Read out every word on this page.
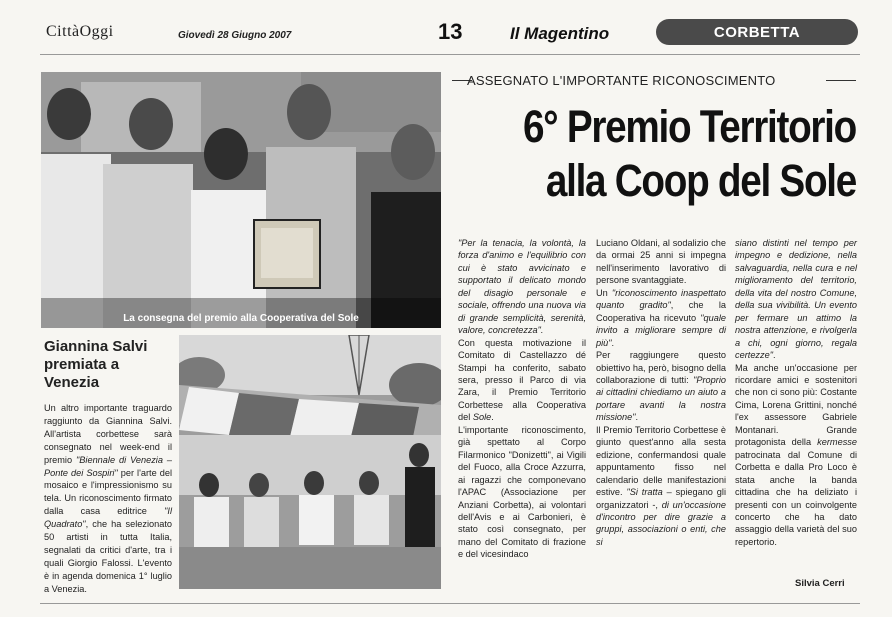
CittàOggi	Giovedì 28 Giugno 2007	13	Il Magentino	CORBETTA
La consegna del premio alla Cooperativa del Sole
Giannina Salvi premiata a Venezia
Un altro importante traguardo raggiunto da Giannina Salvi. All'artista corbettese sarà consegnato nel week-end il premio "Biennale di Venezia – Ponte dei Sospiri" per l'arte del mosaico e l'impressionismo su tela. Un riconoscimento firmato dalla casa editrice "Il Quadrato", che ha selezionato 50 artisti in tutta Italia, segnalati da critici d'arte, tra i quali Giorgio Falossi. L'evento è in agenda domenica 1° luglio a Venezia.
ASSEGNATO L'IMPORTANTE RICONOSCIMENTO
6° Premio Territorio
alla Coop del Sole
"Per la tenacia, la volontà, la forza d'animo e l'equilibrio con cui è stato avvicinato e supportato il delicato mondo del disagio personale e sociale, offrendo una nuova via di grande semplicità, serenità, valore, concretezza".
Con questa motivazione il Comitato di Castellazzo dé Stampi ha conferito, sabato sera, presso il Parco di via Zara, il Premio Territorio Corbettese alla Cooperativa del Sole.
L'importante riconoscimento, già spettato al Corpo Filarmonico "Donizetti", ai Vigili del Fuoco, alla Croce Azzurra, ai ragazzi che componevano l'APAC (Associazione per Anziani Corbetta), ai volontari dell'Avis e ai Carbonieri, è stato così consegnato, per mano del Comitato di frazione e del vicesindaco
Luciano Oldani, al sodalizio che da ormai 25 anni si impegna nell'inserimento lavorativo di persone svantaggiate.
Un "riconoscimento inaspettato quanto gradito", che la Cooperativa ha ricevuto "quale invito a migliorare sempre di più".
Per raggiungere questo obiettivo ha, però, bisogno della collaborazione di tutti: "Proprio ai cittadini chiediamo un aiuto a portare avanti la nostra missione".
Il Premio Territorio Corbettese è giunto quest'anno alla sesta edizione, confermandosi quale appuntamento fisso nel calendario delle manifestazioni estive. "Si tratta – spiegano gli organizzatori -, di un'occasione d'incontro per dire grazie a gruppi, associazioni o enti, che si
siano distinti nel tempo per impegno e dedizione, nella salvaguardia, nella cura e nel miglioramento del territorio, della vita del nostro Comune, della sua vivibilità. Un evento per fermare un attimo la nostra attenzione, e rivolgerla a chi, ogni giorno, regala certezze".
Ma anche un'occasione per ricordare amici e sostenitori che non ci sono più: Costante Cima, Lorena Grittini, nonché l'ex assessore Gabriele Montanari. Grande protagonista della kermesse patrocinata dal Comune di Corbetta e dalla Pro Loco è stata anche la banda cittadina che ha deliziato i presenti con un coinvolgente concerto che ha dato assaggio della varietà del suo repertorio.
Silvia Cerri
